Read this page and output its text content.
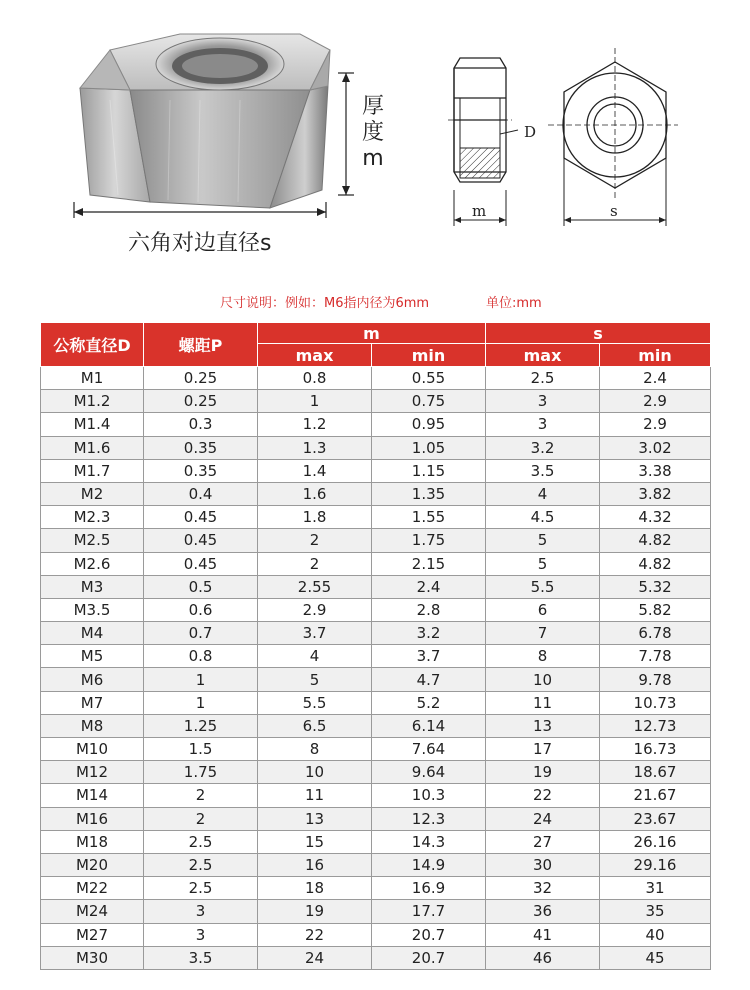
厚
度
m
六角对边直径s
D
m	s
尺寸说明：例如：M6指内径为6mm	单位:mm
公称直径D	螺距P	m		s	
		max	min	max	min
M1	0.25	0.8	0.55	2.5	2.4
M1.2	0.25	1	0.75	3	2.9
M1.4	0.3	1.2	0.95	3	2.9
M1.6	0.35	1.3	1.05	3.2	3.02
M1.7	0.35	1.4	1.15	3.5	3.38
M2	0.4	1.6	1.35	4	3.82
M2.3	0.45	1.8	1.55	4.5	4.32
M2.5	0.45	2	1.75	5	4.82
M2.6	0.45	2	2.15	5	4.82
M3	0.5	2.55	2.4	5.5	5.32
M3.5	0.6	2.9	2.8	6	5.82
M4	0.7	3.7	3.2	7	6.78
M5	0.8	4	3.7	8	7.78
M6	1	5	4.7	10	9.78
M7	1	5.5	5.2	11	10.73
M8	1.25	6.5	6.14	13	12.73
M10	1.5	8	7.64	17	16.73
M12	1.75	10	9.64	19	18.67
M14	2	11	10.3	22	21.67
M16	2	13	12.3	24	23.67
M18	2.5	15	14.3	27	26.16
M20	2.5	16	14.9	30	29.16
M22	2.5	18	16.9	32	31
M24	3	19	17.7	36	35
M27	3	22	20.7	41	40
M30	3.5	24	20.7	46	45
